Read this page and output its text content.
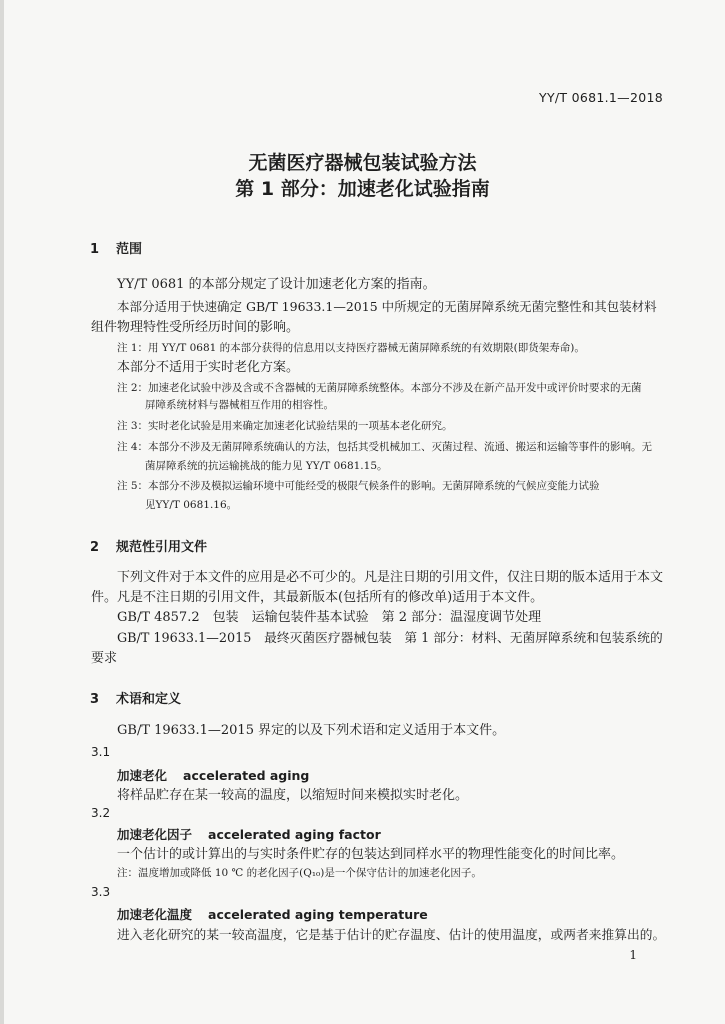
YY/T 0681.1—2018
无菌医疗器械包装试验方法
第 1 部分：加速老化试验指南
1 范围
YY/T 0681 的本部分规定了设计加速老化方案的指南。
本部分适用于快速确定 GB/T 19633.1—2015 中所规定的无菌屏障系统无菌完整性和其包装材料
组件物理特性受所经历时间的影响。
注 1：用 YY/T 0681 的本部分获得的信息用以支持医疗器械无菌屏障系统的有效期限(即货架寿命)。
本部分不适用于实时老化方案。
注 2：加速老化试验中涉及含或不含器械的无菌屏障系统整体。本部分不涉及在新产品开发中或评价时要求的无菌
屏障系统材料与器械相互作用的相容性。
注 3：实时老化试验是用来确定加速老化试验结果的一项基本老化研究。
注 4：本部分不涉及无菌屏障系统确认的方法，包括其受机械加工、灭菌过程、流通、搬运和运输等事件的影响。无
菌屏障系统的抗运输挑战的能力见 YY/T 0681.15。
注 5：本部分不涉及模拟运输环境中可能经受的极限气候条件的影响。无菌屏障系统的气候应变能力试验
见YY/T 0681.16。
2 规范性引用文件
下列文件对于本文件的应用是必不可少的。凡是注日期的引用文件，仅注日期的版本适用于本文
件。凡是不注日期的引用文件，其最新版本(包括所有的修改单)适用于本文件。
GB/T 4857.2　包装　运输包装件基本试验　第 2 部分：温湿度调节处理
GB/T 19633.1—2015　最终灭菌医疗器械包装　第 1 部分：材料、无菌屏障系统和包装系统的
要求
3 术语和定义
GB/T 19633.1—2015 界定的以及下列术语和定义适用于本文件。
3.1
加速老化 accelerated aging
将样品贮存在某一较高的温度，以缩短时间来模拟实时老化。
3.2
加速老化因子 accelerated aging factor
一个估计的或计算出的与实时条件贮存的包装达到同样水平的物理性能变化的时间比率。
注：温度增加或降低 10 ℃ 的老化因子(Q₁₀)是一个保守估计的加速老化因子。
3.3
加速老化温度 accelerated aging temperature
进入老化研究的某一较高温度，它是基于估计的贮存温度、估计的使用温度，或两者来推算出的。
1
